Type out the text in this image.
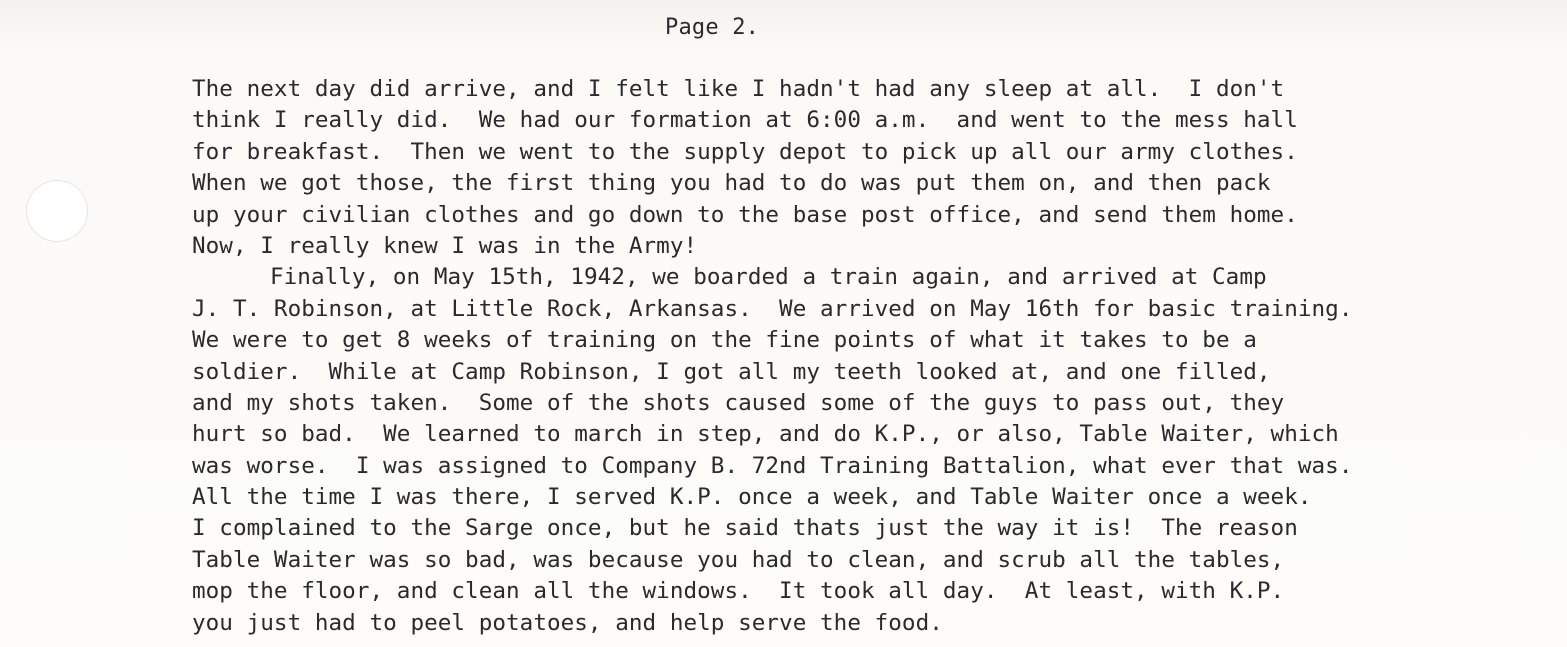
Page 2.
The next day did arrive, and I felt like I hadn't had any sleep at all.  I don't
think I really did.  We had our formation at 6:00 a.m.  and went to the mess hall
for breakfast.  Then we went to the supply depot to pick up all our army clothes.
When we got those, the first thing you had to do was put them on, and then pack
up your civilian clothes and go down to the base post office, and send them home.
Now, I really knew I was in the Army!
Finally, on May 15th, 1942, we boarded a train again, and arrived at Camp
J. T. Robinson, at Little Rock, Arkansas.  We arrived on May 16th for basic training.
We were to get 8 weeks of training on the fine points of what it takes to be a
soldier.  While at Camp Robinson, I got all my teeth looked at, and one filled,
and my shots taken.  Some of the shots caused some of the guys to pass out, they
hurt so bad.  We learned to march in step, and do K.P., or also, Table Waiter, which
was worse.  I was assigned to Company B. 72nd Training Battalion, what ever that was.
All the time I was there, I served K.P. once a week, and Table Waiter once a week.
I complained to the Sarge once, but he said thats just the way it is!  The reason
Table Waiter was so bad, was because you had to clean, and scrub all the tables,
mop the floor, and clean all the windows.  It took all day.  At least, with K.P.
you just had to peel potatoes, and help serve the food.
